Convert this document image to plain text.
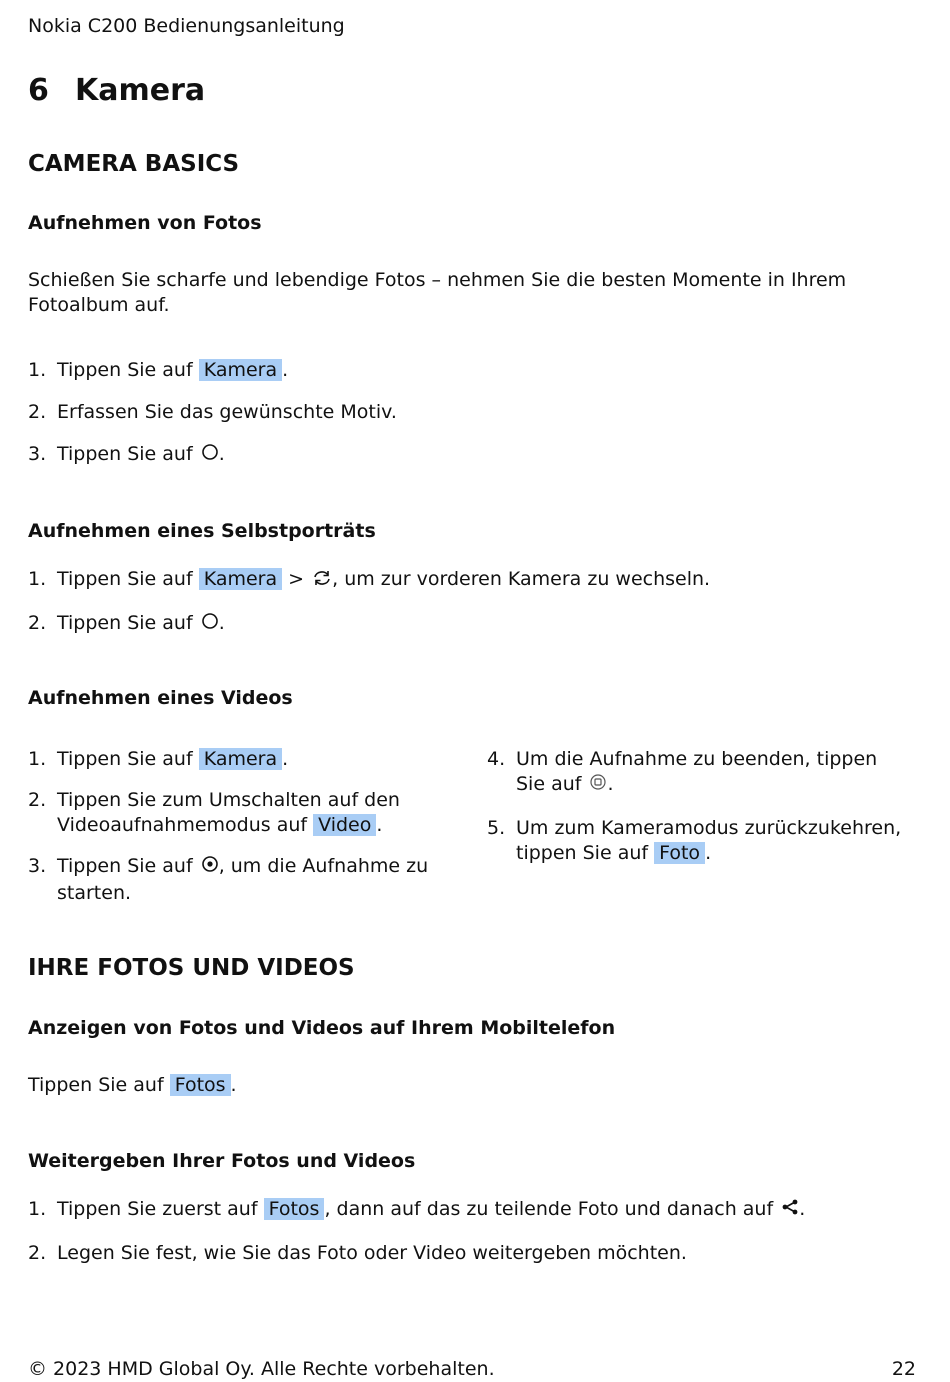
Nokia C200 Bedienungsanleitung
6 Kamera
CAMERA BASICS
Aufnehmen von Fotos
Schießen Sie scharfe und lebendige Fotos – nehmen Sie die besten Momente in Ihrem Fotoalbum auf.
1. Tippen Sie auf Kamera .
2. Erfassen Sie das gewünschte Motiv.
3. Tippen Sie auf .
Aufnehmen eines Selbstporträts
1. Tippen Sie auf Kamera > , um zur vorderen Kamera zu wechseln.
2. Tippen Sie auf .
Aufnehmen eines Videos
1. Tippen Sie auf Kamera .
2. Tippen Sie zum Umschalten auf den Videoaufnahmemodus auf Video .
3. Tippen Sie auf , um die Aufnahme zu starten.
4. Um die Aufnahme zu beenden, tippen Sie auf .
5. Um zum Kameramodus zurückzukehren, tippen Sie auf Foto .
IHRE FOTOS UND VIDEOS
Anzeigen von Fotos und Videos auf Ihrem Mobiltelefon
Tippen Sie auf Fotos .
Weitergeben Ihrer Fotos und Videos
1. Tippen Sie zuerst auf Fotos , dann auf das zu teilende Foto und danach auf .
2. Legen Sie fest, wie Sie das Foto oder Video weitergeben möchten.
© 2023 HMD Global Oy. Alle Rechte vorbehalten.	22
